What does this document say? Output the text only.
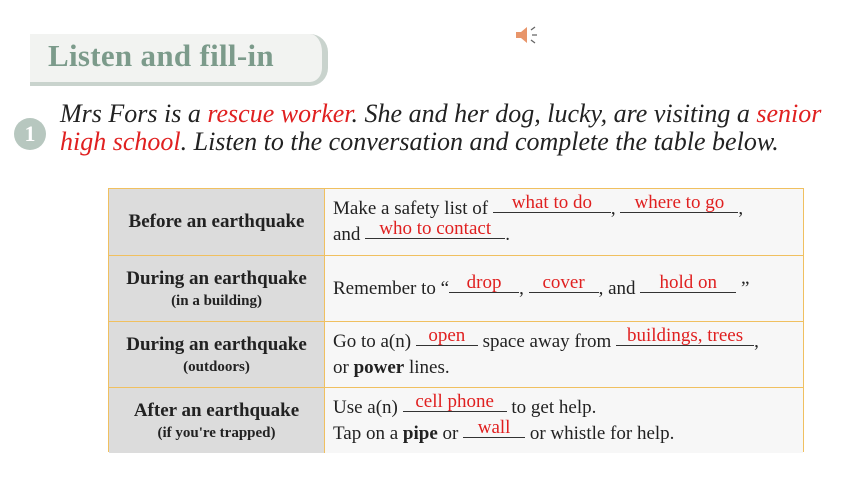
Listen and fill-in
1
Mrs Fors is a rescue worker. She and her dog, lucky, are visiting a senior high school. Listen to the conversation and complete the table below.
Before an earthquake
Make a safety list of what to do , where to go ,
and who to contact .
During an earthquake
(in a building)
Remember to “ drop , cover , and hold on ”
During an earthquake
(outdoors)
Go to a(n) open space away from buildings, trees ,
or power lines.
After an earthquake
(if you're trapped)
Use a(n) cell phone to get help.
Tap on a pipe or wall or whistle for help.
